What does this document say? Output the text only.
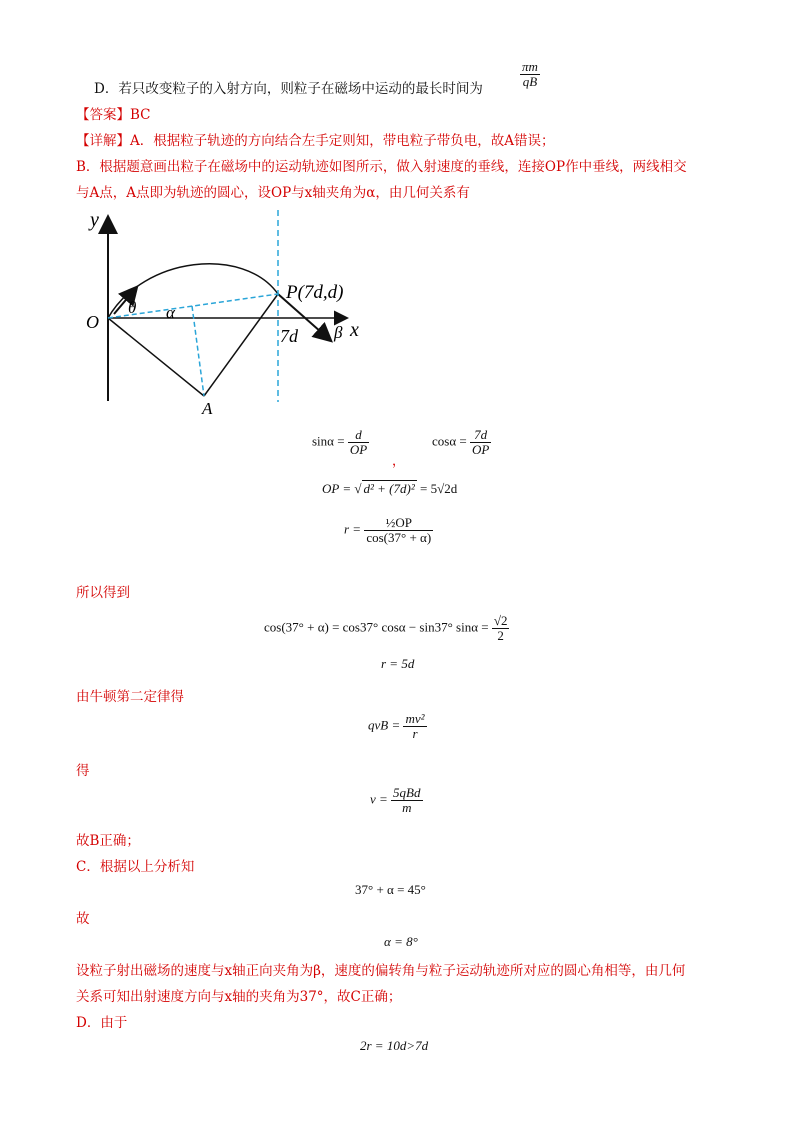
D．若只改变粒子的入射方向，则粒子在磁场中运动的最长时间为	$\frac{\pi m}{qB}$
【答案】BC
【详解】A．根据粒子轨迹的方向结合左手定则知，带电粒子带负电，故A错误；
B．根据题意画出粒子在磁场中的运动轨迹如图所示，做入射速度的垂线，连接OP作中垂线，两线相交
与A点，A点即为轨迹的圆心，设OP与x轴夹角为α，由几何关系有
y
x
O
P(7d,d)
7d
A
θ α
β
$\sin\alpha = \frac{d}{OP}$
，
$\cos\alpha = \frac{7d}{OP}$
OP = √ d² + (7d)² = 5√2d
$r = \frac{\text{½OP}}{\cos(37^\circ + \alpha)}$
所以得到
cos(37° + α) = cos37° cosα − sin37° $\sin\alpha = \frac{√2}{2}$
r = 5d
由牛顿第二定律得
qvB = $\frac{\text{mv²}}{r}$
得
$v = \frac{\text{5qBd}}{m}$
故B正确；
C．根据以上分析知
37° + α = 45°
故
α = 8°
设粒子射出磁场的速度与x轴正向夹角为β，速度的偏转角与粒子运动轨迹所对应的圆心角相等，由几何
关系可知出射速度方向与x轴的夹角为37°，故C正确；
D．由于
2r = 10d>7d
